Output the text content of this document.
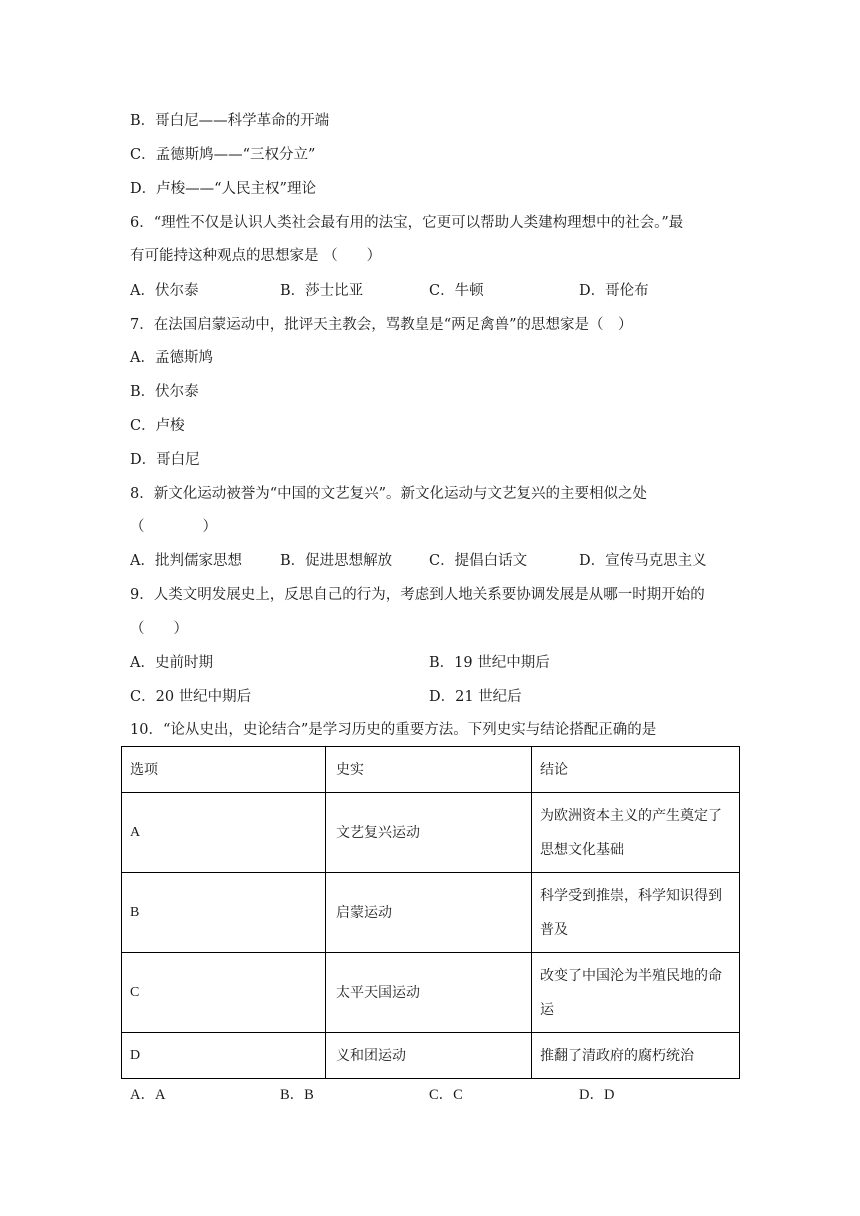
B．哥白尼——科学革命的开端
C．孟德斯鸠——“三权分立”
D．卢梭——“人民主权”理论
6．“理性不仅是认识人类社会最有用的法宝，它更可以帮助人类建构理想中的社会。”最
有可能持这种观点的思想家是 （　　）
A．伏尔泰	B．莎士比亚	C．牛顿	D．哥伦布
7．在法国启蒙运动中，批评天主教会，骂教皇是“两足禽兽”的思想家是（　）
A．孟德斯鸠
B．伏尔泰
C．卢梭
D．哥白尼
8．新文化运动被誉为“中国的文艺复兴”。新文化运动与文艺复兴的主要相似之处
（　　　　）
A．批判儒家思想	B．促进思想解放	C．提倡白话文	D．宣传马克思主义
9．人类文明发展史上，反思自己的行为，考虑到人地关系要协调发展是从哪一时期开始的
（　　）
A．史前时期	B．19 世纪中期后
C．20 世纪中期后	D．21 世纪后
10．“论从史出，史论结合”是学习历史的重要方法。下列史实与结论搭配正确的是
选项	史实	结论
A	文艺复兴运动	为欧洲资本主义的产生奠定了思想文化基础
B	启蒙运动	科学受到推崇，科学知识得到普及
C	太平天国运动	改变了中国沦为半殖民地的命运
D	义和团运动	推翻了清政府的腐朽统治
A．A	B．B	C．C	D．D
